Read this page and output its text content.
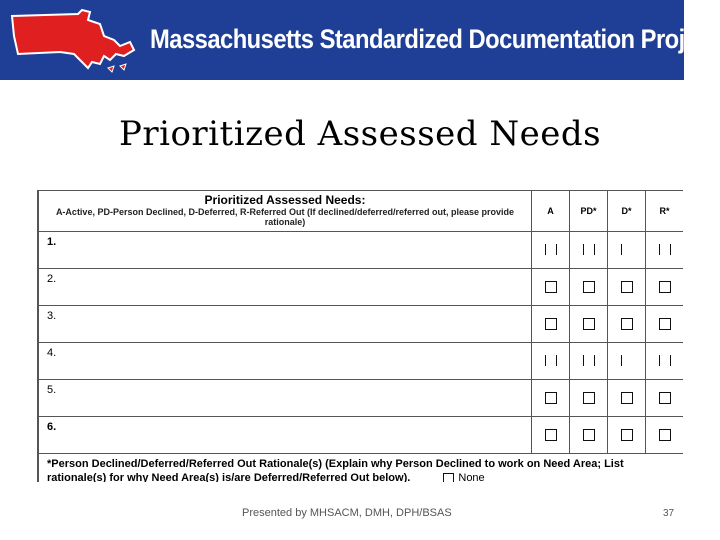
Massachusetts Standardized Documentation Project
Prioritized Assessed Needs
Prioritized Assessed Needs:
A-Active, PD-Person Declined, D-Deferred, R-Referred Out (If declined/deferred/referred out, please provide rationale)	A	PD*	D*	R*
1.				
2.				
3.				
4.				
5.				
6.				
*Person Declined/Deferred/Referred Out Rationale(s) (Explain why Person Declined to work on Need Area; List rationale(s) for why Need Area(s) is/are Deferred/Referred Out below). None				
Presented by MHSACM, DMH, DPH/BSAS	37
